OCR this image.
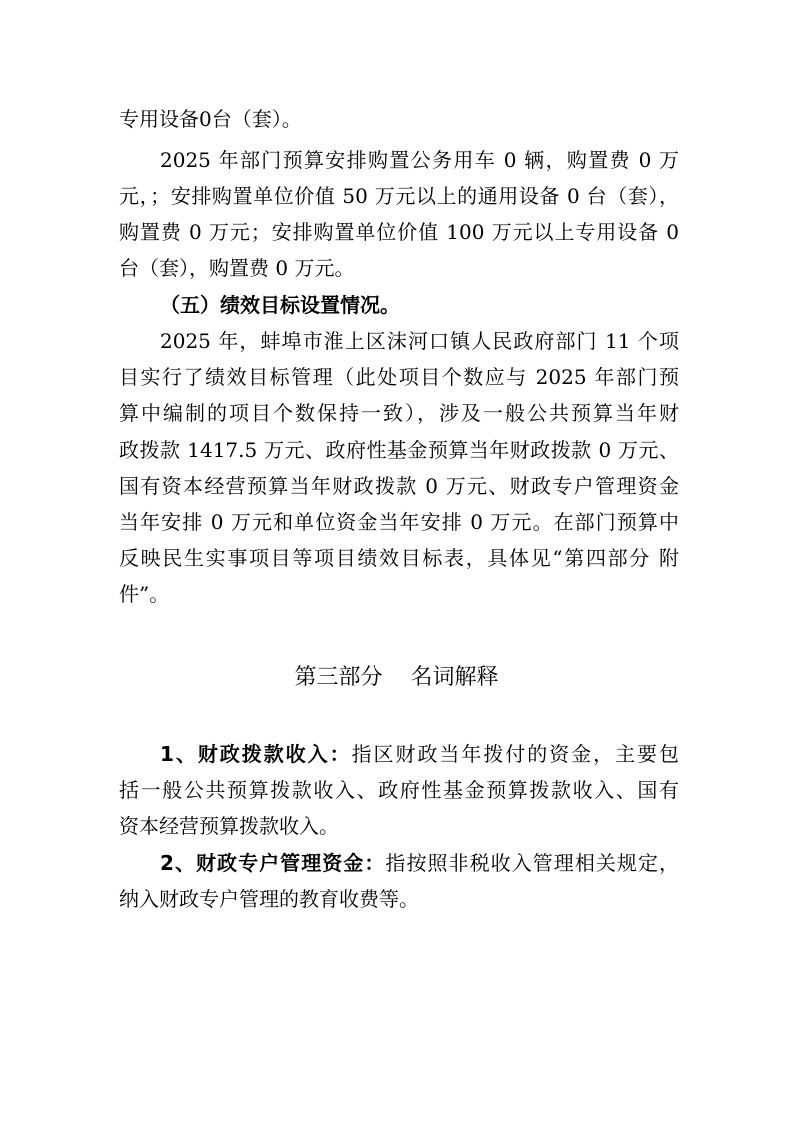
专用设备0台（套）。
2025 年部门预算安排购置公务用车 0 辆，购置费 0 万
元，；安排购置单位价值 50 万元以上的通用设备 0 台（套），
购置费 0 万元；安排购置单位价值 100 万元以上专用设备 0
台（套），购置费 0 万元。
（五）绩效目标设置情况。
2025 年，蚌埠市淮上区沫河口镇人民政府部门 11 个项
目实行了绩效目标管理（此处项目个数应与 2025 年部门预
算中编制的项目个数保持一致），涉及一般公共预算当年财
政拨款 1417.5 万元、政府性基金预算当年财政拨款 0 万元、
国有资本经营预算当年财政拨款 0 万元、财政专户管理资金
当年安排 0 万元和单位资金当年安排 0 万元。在部门预算中
反映民生实事项目等项目绩效目标表，具体见“第四部分 附
件”。
第三部分    名词解释
1、财政拨款收入：指区财政当年拨付的资金，主要包
括一般公共预算拨款收入、政府性基金预算拨款收入、国有
资本经营预算拨款收入。
2、财政专户管理资金：指按照非税收入管理相关规定，
纳入财政专户管理的教育收费等。
